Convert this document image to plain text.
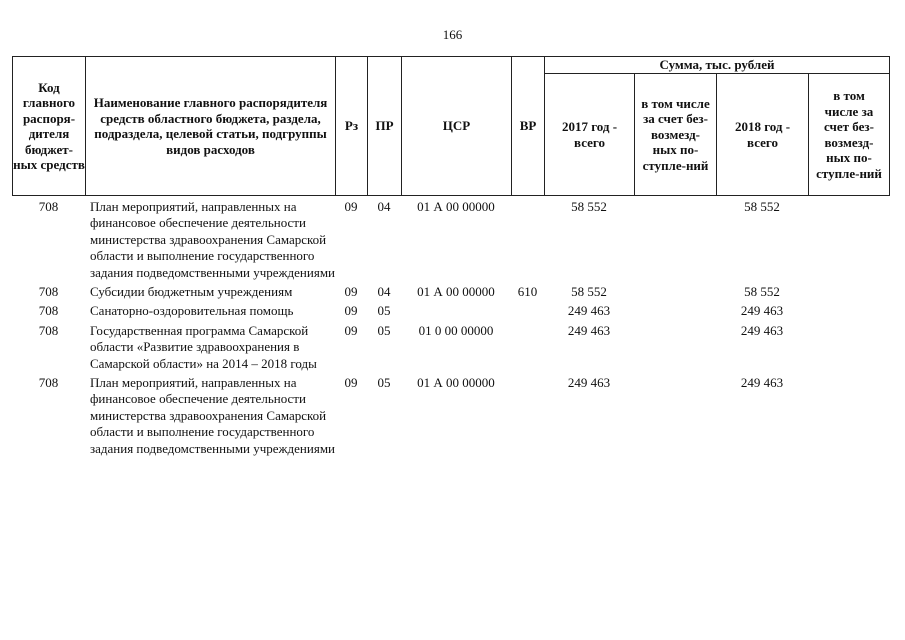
166
Код главного распоря-дителя бюджет-ных средств	Наименование главного распорядителя средств областного бюджета, раздела, подраздела, целевой статьи, подгруппы видов расходов	Рз	ПР	ЦСР	ВР	Сумма, тыс. рублей			
						2017 год - всего	в том числе за счет без-возмезд-ных по-ступле-ний	2018 год - всего	в том числе за счет без-возмезд-ных по-ступле-ний
708	План мероприятий, направленных на финансовое обеспечение деятельности министерства здравоохранения Самарской области и выполнение государственного задания подведомственными учреждениями	09	04	01 А 00 00000		58 552		58 552	
708	Субсидии бюджетным учреждениям	09	04	01 А 00 00000	610	58 552		58 552	
708	Санаторно-оздоровительная помощь	09	05			249 463		249 463	
708	Государственная программа Самарской области «Развитие здравоохранения в Самарской области» на 2014 – 2018 годы	09	05	01 0 00 00000		249 463		249 463	
708	План мероприятий, направленных на финансовое обеспечение деятельности министерства здравоохранения Самарской области и выполнение государственного задания подведомственными учреждениями	09	05	01 А 00 00000		249 463		249 463	
